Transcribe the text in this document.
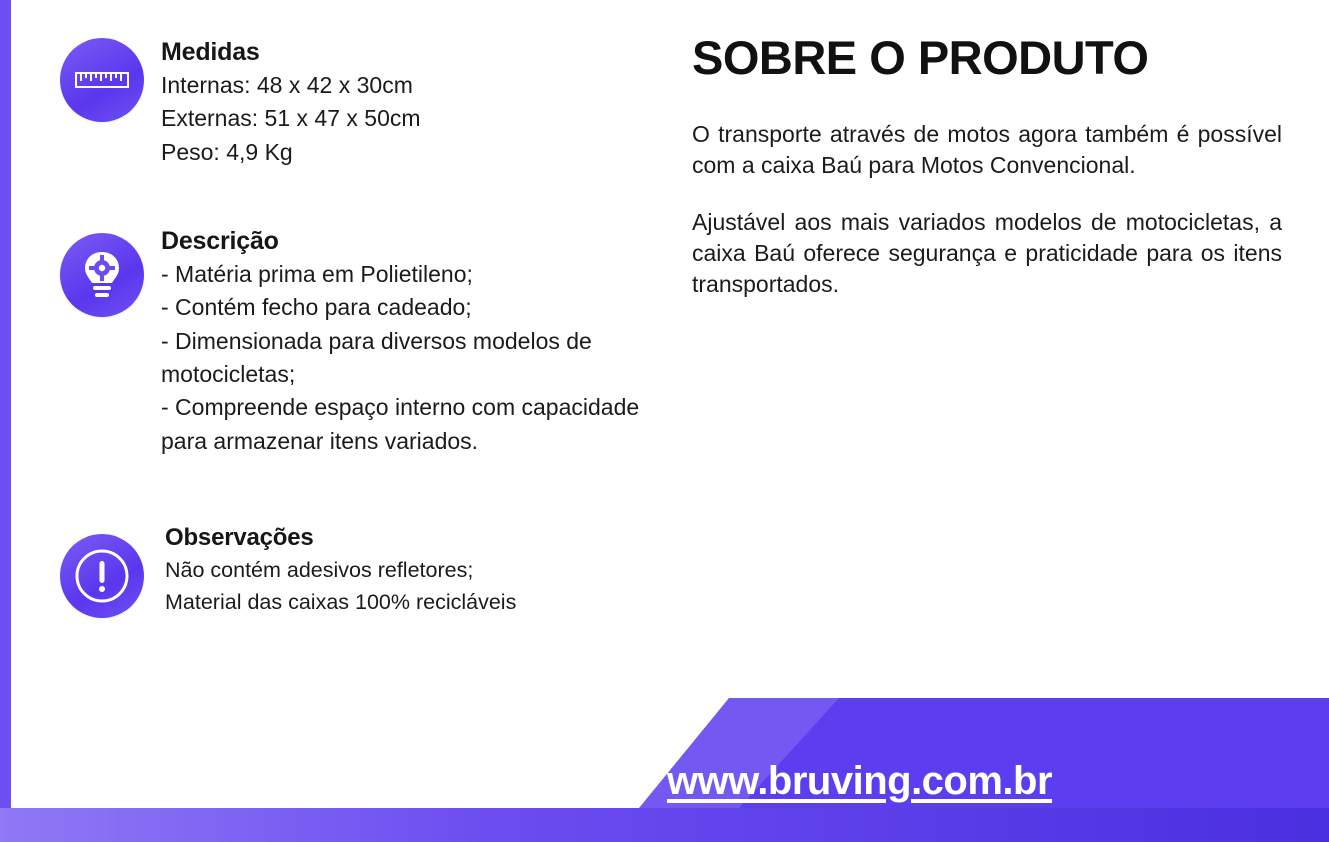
Medidas

Internas: 48 x 42 x 30cm

Externas: 51 x 47 x 50cm

Peso: 4,9 Kg

Descrição

- Matéria prima em Polietileno;

- Contém fecho para cadeado;

- Dimensionada para diversos modelos de motocicletas;

- Compreende espaço interno com capacidade para armazenar itens variados.

Observações

Não contém adesivos refletores;

Material das caixas 100% recicláveis

SOBRE O PRODUTO

O transporte através de motos agora também é possível com a caixa Baú para Motos Convencional.

Ajustável aos mais variados modelos de motocicletas, a caixa Baú oferece segurança e praticidade para os itens transportados.

www.bruving.com.br
